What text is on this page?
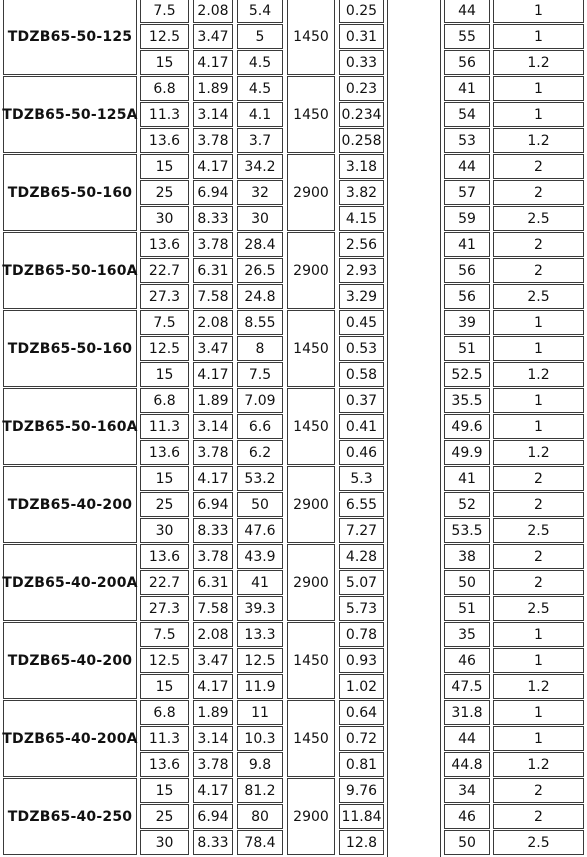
TDZB65-50-125	1450
7.5	2.08	5.4	0.25	44	1
12.5	3.47	5	0.31	55	1
15	4.17	4.5	0.33	56	1.2
TDZB65-50-125A	1450
6.8	1.89	4.5	0.23	41	1
11.3	3.14	4.1	0.234	54	1
13.6	3.78	3.7	0.258	53	1.2
TDZB65-50-160	2900
15	4.17	34.2	3.18	44	2
25	6.94	32	3.82	57	2
30	8.33	30	4.15	59	2.5
TDZB65-50-160A	2900
13.6	3.78	28.4	2.56	41	2
22.7	6.31	26.5	2.93	56	2
27.3	7.58	24.8	3.29	56	2.5
TDZB65-50-160	1450
7.5	2.08	8.55	0.45	39	1
12.5	3.47	8	0.53	51	1
15	4.17	7.5	0.58	52.5	1.2
TDZB65-50-160A	1450
6.8	1.89	7.09	0.37	35.5	1
11.3	3.14	6.6	0.41	49.6	1
13.6	3.78	6.2	0.46	49.9	1.2
TDZB65-40-200	2900
15	4.17	53.2	5.3	41	2
25	6.94	50	6.55	52	2
30	8.33	47.6	7.27	53.5	2.5
TDZB65-40-200A	2900
13.6	3.78	43.9	4.28	38	2
22.7	6.31	41	5.07	50	2
27.3	7.58	39.3	5.73	51	2.5
TDZB65-40-200	1450
7.5	2.08	13.3	0.78	35	1
12.5	3.47	12.5	0.93	46	1
15	4.17	11.9	1.02	47.5	1.2
TDZB65-40-200A	1450
6.8	1.89	11	0.64	31.8	1
11.3	3.14	10.3	0.72	44	1
13.6	3.78	9.8	0.81	44.8	1.2
TDZB65-40-250	2900
15	4.17	81.2	9.76	34	2
25	6.94	80	11.84	46	2
30	8.33	78.4	12.8	50	2.5
